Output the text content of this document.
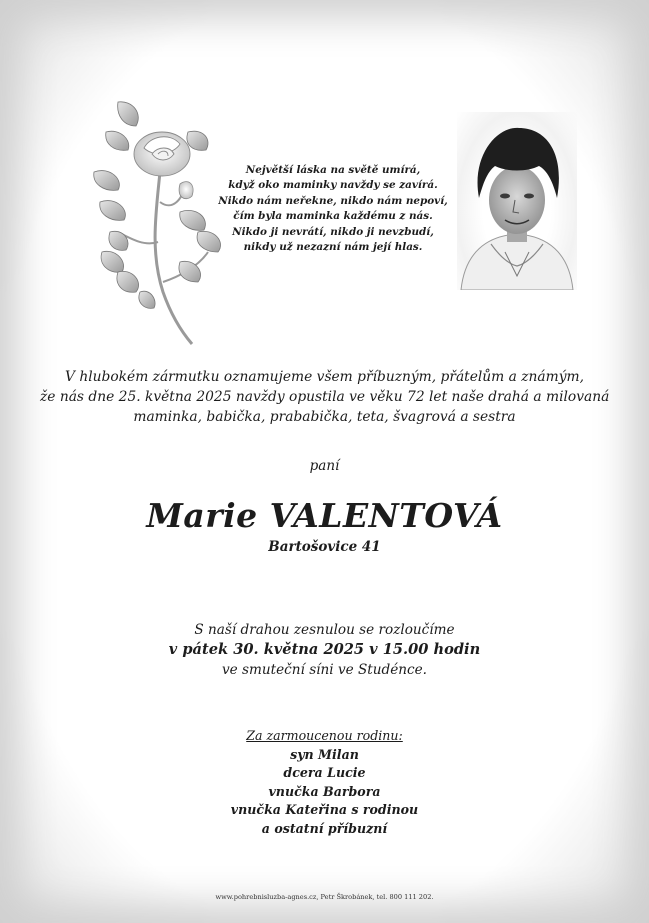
Největší láska na světě umírá,
když oko maminky navždy se zavírá.
Nikdo nám neřekne, nikdo nám nepoví,
čím byla maminka každému z nás.
Nikdo ji nevrátí, nikdo ji nevzbudí,
nikdy už nezazní nám její hlas.
V hlubokém zármutku oznamujeme všem příbuzným, přátelům a známým,
že nás dne 25. května 2025 navždy opustila ve věku 72 let naše drahá a milovaná
maminka, babička, prababička, teta, švagrová a sestra
paní
Marie VALENTOVÁ
Bartošovice 41
S naší drahou zesnulou se rozloučíme
v pátek 30. května 2025 v 15.00 hodin
ve smuteční síni ve Studénce.
Za zarmoucenou rodinu:
syn Milan
dcera Lucie
vnučka Barbora
vnučka Kateřina s rodinou
a ostatní příbuzní
www.pohrebnisluzba-agnes.cz, Petr Škrobánek, tel. 800 111 202.
